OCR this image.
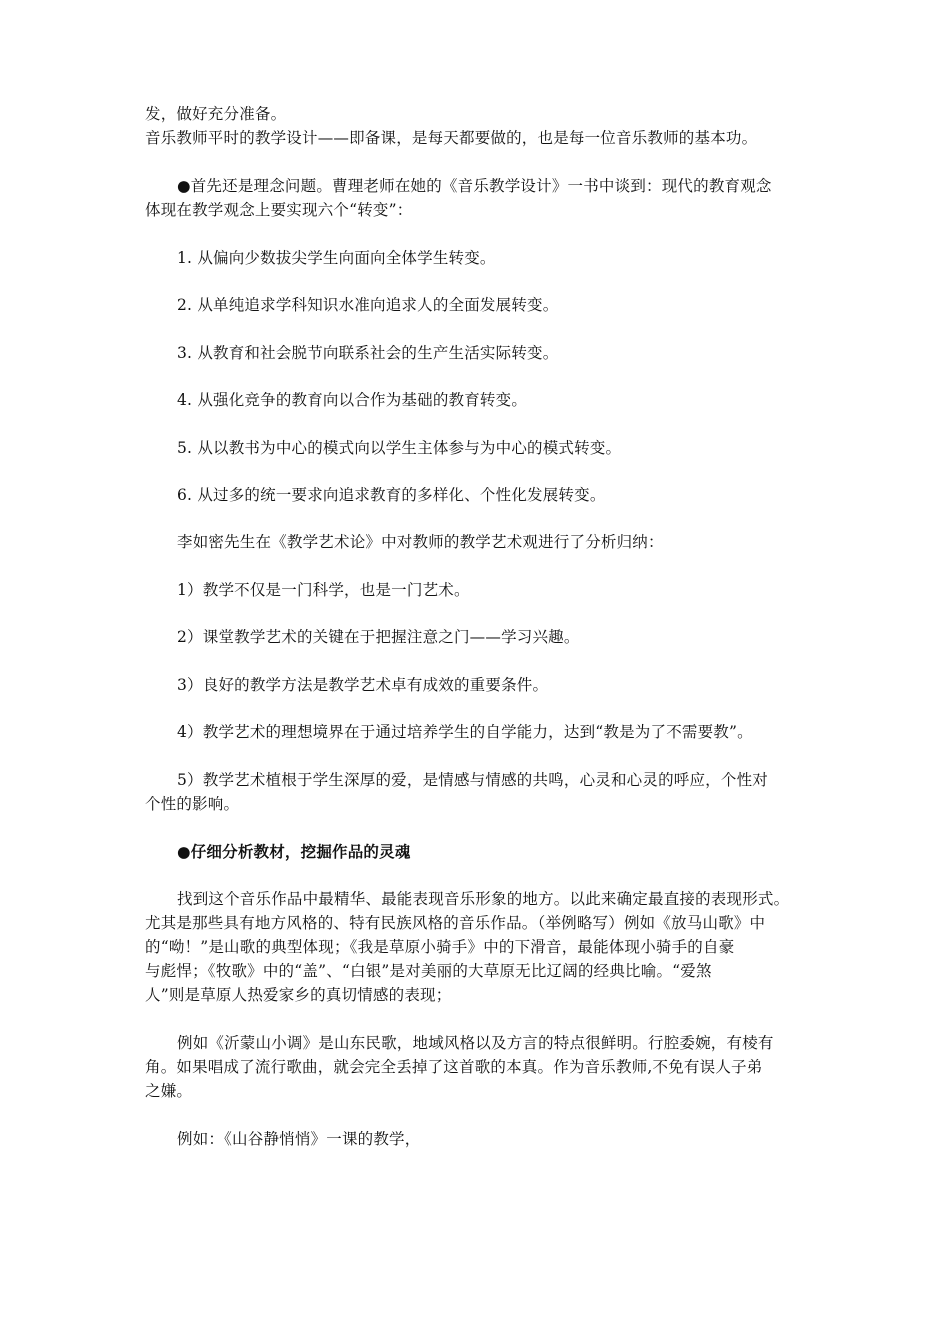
发，做好充分准备。
音乐教师平时的教学设计——即备课，是每天都要做的，也是每一位音乐教师的基本功。
●首先还是理念问题。曹理老师在她的《音乐教学设计》一书中谈到：现代的教育观念
体现在教学观念上要实现六个“转变”：
1. 从偏向少数拔尖学生向面向全体学生转变。
2. 从单纯追求学科知识水准向追求人的全面发展转变。
3. 从教育和社会脱节向联系社会的生产生活实际转变。
4. 从强化竞争的教育向以合作为基础的教育转变。
5. 从以教书为中心的模式向以学生主体参与为中心的模式转变。
6. 从过多的统一要求向追求教育的多样化、个性化发展转变。
李如密先生在《教学艺术论》中对教师的教学艺术观进行了分析归纳：
1）教学不仅是一门科学，也是一门艺术。
2）课堂教学艺术的关键在于把握注意之门——学习兴趣。
3）良好的教学方法是教学艺术卓有成效的重要条件。
4）教学艺术的理想境界在于通过培养学生的自学能力，达到“教是为了不需要教”。
5）教学艺术植根于学生深厚的爱，是情感与情感的共鸣，心灵和心灵的呼应，个性对
个性的影响。
●仔细分析教材，挖掘作品的灵魂
找到这个音乐作品中最精华、最能表现音乐形象的地方。以此来确定最直接的表现形式。
尤其是那些具有地方风格的、特有民族风格的音乐作品。（举例略写）例如《放马山歌》中
的“呦！”是山歌的典型体现；《我是草原小骑手》中的下滑音，最能体现小骑手的自豪
与彪悍；《牧歌》中的“盖”、“白银”是对美丽的大草原无比辽阔的经典比喻。“爱煞
人”则是草原人热爱家乡的真切情感的表现；
例如《沂蒙山小调》是山东民歌，地域风格以及方言的特点很鲜明。行腔委婉，有棱有
角。如果唱成了流行歌曲，就会完全丢掉了这首歌的本真。作为音乐教师,不免有误人子弟
之嫌。
例如：《山谷静悄悄》一课的教学，
